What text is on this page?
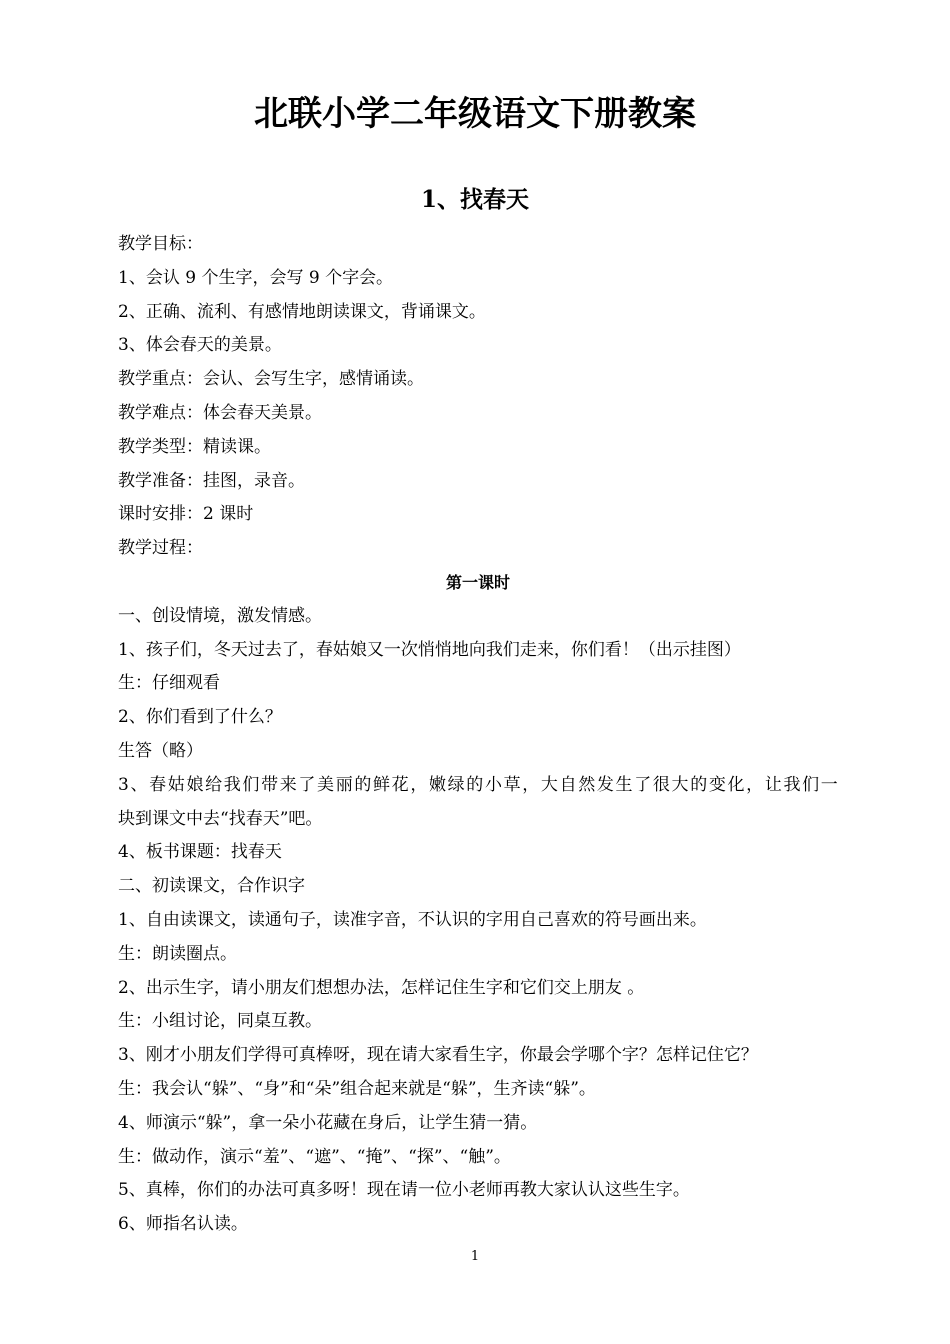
北联小学二年级语文下册教案
1、找春天

教学目标：

1、会认 9 个生字，会写 9 个字会。

2、正确、流利、有感情地朗读课文，背诵课文。

3、体会春天的美景。

教学重点：会认、会写生字，感情诵读。

教学难点：体会春天美景。

教学类型：精读课。

教学准备：挂图，录音。

课时安排：2 课时

教学过程：

第一课时

一、创设情境，激发情感。

1、孩子们，冬天过去了，春姑娘又一次悄悄地向我们走来，你们看！（出示挂图）

生：仔细观看

2、你们看到了什么？

生答（略）

3、春姑娘给我们带来了美丽的鲜花，嫩绿的小草，大自然发生了很大的变化，让我们一

块到课文中去“找春天”吧。

4、板书课题：找春天

二、初读课文，合作识字

1、自由读课文，读通句子，读准字音，不认识的字用自己喜欢的符号画出来。

生：朗读圈点。

2、出示生字，请小朋友们想想办法，怎样记住生字和它们交上朋友 。

生：小组讨论，同桌互教。

3、刚才小朋友们学得可真棒呀，现在请大家看生字，你最会学哪个字？怎样记住它？

生：我会认“躲”、“身”和“朵”组合起来就是“躲”，生齐读“躲”。

4、师演示“躲”，拿一朵小花藏在身后，让学生猜一猜。

生：做动作，演示“羞”、“遮”、“掩”、“探”、“触”。

5、真棒，你们的办法可真多呀！现在请一位小老师再教大家认认这些生字。

6、师指名认读。

1
